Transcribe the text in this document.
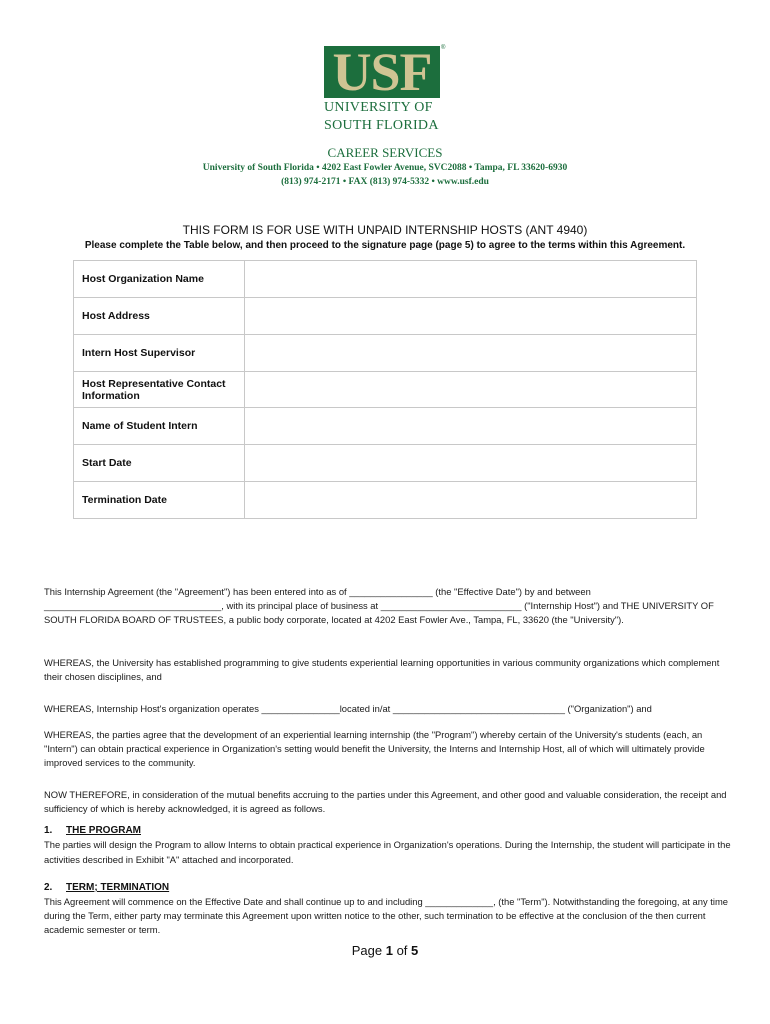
USF	®
UNIVERSITY OF
SOUTH FLORIDA
CAREER SERVICES
University of South Florida • 4202 East Fowler Avenue, SVC2088 • Tampa, FL 33620-6930
(813) 974-2171 • FAX (813) 974-5332 • www.usf.edu
THIS FORM IS FOR USE WITH UNPAID INTERNSHIP HOSTS (ANT 4940)
Please complete the Table below, and then proceed to the signature page (page 5) to agree to the terms within this Agreement.
Host Organization Name	
Host Address	
Intern Host Supervisor	
Host Representative Contact Information	
Name of Student Intern	
Start Date	
Termination Date	
This Internship Agreement (the "Agreement") has been entered into as of ________________ (the "Effective Date") by and between __________________________________, with its principal place of business at ___________________________ ("Internship Host") and THE UNIVERSITY OF SOUTH FLORIDA BOARD OF TRUSTEES, a public body corporate, located at 4202 East Fowler Ave., Tampa, FL, 33620 (the "University").
WHEREAS, the University has established programming to give students experiential learning opportunities in various community organizations which complement their chosen disciplines, and
WHEREAS, Internship Host's organization operates _______________located in/at _________________________________ ("Organization") and
WHEREAS, the parties agree that the development of an experiential learning internship (the "Program") whereby certain of the University's students (each, an "Intern") can obtain practical experience in Organization's setting would benefit the University, the Interns and Internship Host, all of which will ultimately provide improved services to the community.
NOW THEREFORE, in consideration of the mutual benefits accruing to the parties under this Agreement, and other good and valuable consideration, the receipt and sufficiency of which is hereby acknowledged, it is agreed as follows.
1. THE PROGRAM
The parties will design the Program to allow Interns to obtain practical experience in Organization's operations. During the Internship, the student will participate in the activities described in Exhibit "A" attached and incorporated.
2. TERM; TERMINATION
This Agreement will commence on the Effective Date and shall continue up to and including _____________, (the "Term"). Notwithstanding the foregoing, at any time during the Term, either party may terminate this Agreement upon written notice to the other, such termination to be effective at the conclusion of the then current academic semester or term.
Page 1 of 5
